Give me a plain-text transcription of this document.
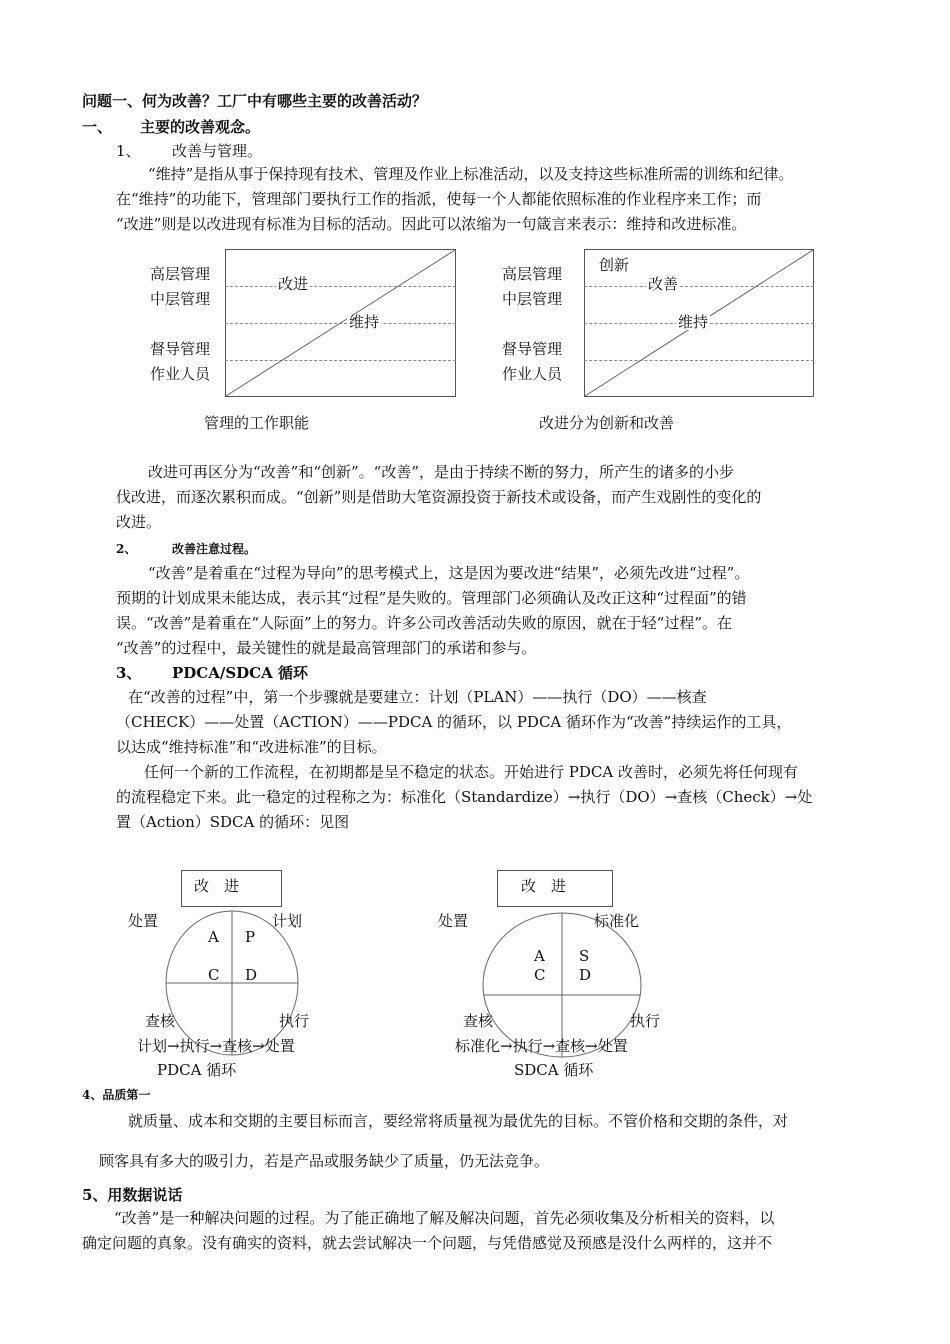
问题一、何为改善？工厂中有哪些主要的改善活动？
一、 主要的改善观念。
1、 改善与管理。

“维持”是指从事于保持现有技术、管理及作业上标准活动，以及支持这些标准所需的训练和纪律。

在“维持”的功能下，管理部门要执行工作的指派，使每一个人都能依照标准的作业程序来工作；而

“改进”则是以改进现有标准为目标的活动。因此可以浓缩为一句箴言来表示：维持和改进标准。

高层管理
中层管理
督导管理
作业人员
改进
维持
管理的工作职能
高层管理
中层管理
督导管理
作业人员
创新
改善
维持
改进分为创新和改善

改进可再区分为“改善”和“创新”。“改善”，是由于持续不断的努力，所产生的诸多的小步

伐改进，而逐次累积而成。“创新”则是借助大笔资源投资于新技术或设备，而产生戏剧性的变化的

改进。

2、	改善注意过程。

“改善”是着重在“过程为导向”的思考模式上，这是因为要改进“结果”，必须先改进“过程”。

预期的计划成果未能达成，表示其“过程”是失败的。管理部门必须确认及改正这种“过程面”的错

误。“改善”是着重在“人际面”上的努力。许多公司改善活动失败的原因，就在于轻“过程”。在

“改善”的过程中，最关键性的就是最高管理部门的承诺和参与。

3、 PDCA/SDCA 循环

在“改善的过程”中，第一个步骤就是要建立：计划（PLAN）——执行（DO）——核查

（CHECK）——处置（ACTION）——PDCA 的循环，以 PDCA 循环作为“改善”持续运作的工具，

以达成“维持标准”和“改进标准”的目标。

任何一个新的工作流程，在初期都是呈不稳定的状态。开始进行 PDCA 改善时，必须先将任何现有

的流程稳定下来。此一稳定的过程称之为：标准化（Standardize）→执行（DO）→查核（Check）→处

置（Action）SDCA 的循环：见图

改　进
处置	计划
A P
C D
查核	执行
计划→执行→查核→处置
PDCA 循环
改　进
处置	标准化
A S
C D
查核	执行
标准化→执行→查核→处置
SDCA 循环
4、品质第一
就质量、成本和交期的主要目标而言，要经常将质量视为最优先的目标。不管价格和交期的条件，对
顾客具有多大的吸引力，若是产品或服务缺少了质量，仍无法竞争。
5、用数据说话

“改善”是一种解决问题的过程。为了能正确地了解及解决问题，首先必须收集及分析相关的资料，以

确定问题的真象。没有确实的资料，就去尝试解决一个问题，与凭借感觉及预感是没什么两样的，这并不
